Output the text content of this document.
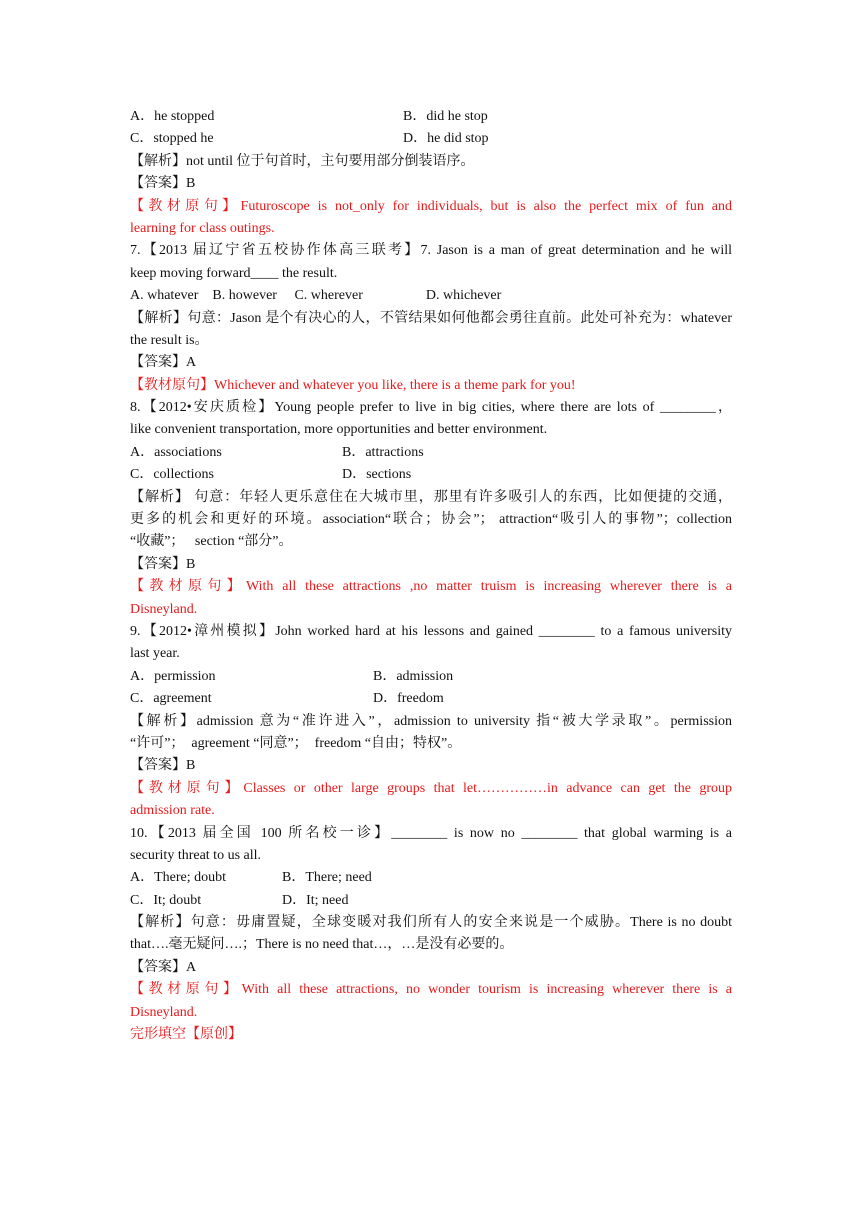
A．he stopped	B．did he stop
C．stopped he	D．he did stop
【解析】not until 位于句首时，主句要用部分倒装语序。
【答案】B
【教材原句】Futuroscope is not_only for individuals, but is also the perfect mix of fun and
learning for class outings.
7.【2013 届辽宁省五校协作体高三联考】7. Jason is a man of great determination and he will
keep moving forward____ the result.
A. whatever    B. however     C. wherever                  D. whichever
【解析】句意：Jason 是个有决心的人，不管结果如何他都会勇往直前。此处可补充为：whatever
the result is。
【答案】A
【教材原句】Whichever and whatever you like, there is a theme park for you!
8.【2012•安庆质检】Young people prefer to live in big cities, where there are lots of ________，
like convenient transportation, more opportunities and better environment.
A．associations	B．attractions
C．collections	D．sections
【解析】 句意：年轻人更乐意住在大城市里，那里有许多吸引人的东西，比如便捷的交通，
更多的机会和更好的环境。association“联合；协会”； attraction“吸引人的事物”；collection
“收藏”；   section “部分”。
【答案】B
【教材原句】With all these attractions ,no matter truism is increasing wherever there is a
Disneyland.
9.【2012•漳州模拟】John worked hard at his lessons and gained ________ to a famous university
last year.
A．permission	B．admission
C．agreement	D．freedom
【解析】admission 意为“准许进入”，admission to university 指“被大学录取”。permission
“许可”；  agreement “同意”；  freedom “自由；特权”。
【答案】B
【教材原句】Classes or other large groups that let……………in advance can get the group
admission rate.
10.【2013 届全国 100 所名校一诊】________ is now no ________ that global warming is a
security threat to us all.
A．There; doubt	B．There; need
C．It; doubt	D．It; need
【解析】句意：毋庸置疑，全球变暖对我们所有人的安全来说是一个威胁。There is no doubt
that….毫无疑问….；There is no need that…，…是没有必要的。
【答案】A
【教材原句】With all these attractions, no wonder tourism is increasing wherever there is a
Disneyland.
完形填空【原创】
